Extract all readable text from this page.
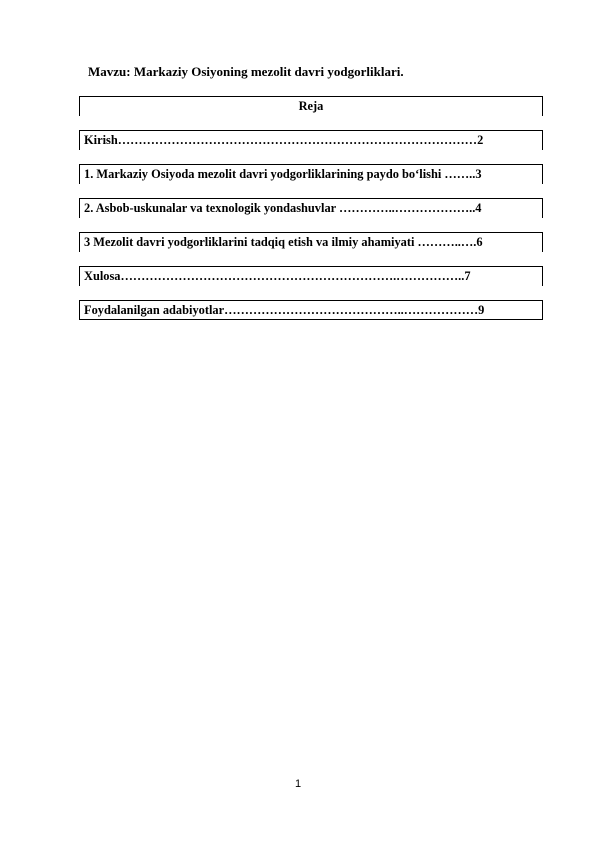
Mavzu: Markaziy Osiyoning mezolit davri yodgorliklari.
Reja
Kirish……………………………………………………………………………2
1. Markaziy Osiyoda mezolit davri yodgorliklarining paydo bo‘lishi ……..3
2. Asbob-uskunalar va texnologik yondashuvlar …………..………………..4
3 Mezolit davri yodgorliklarini tadqiq etish va ilmiy ahamiyati ………..….6
Xulosa………………………………………………………….……………..7
Foydalanilgan adabiyotlar……………………………………..………………9
1
